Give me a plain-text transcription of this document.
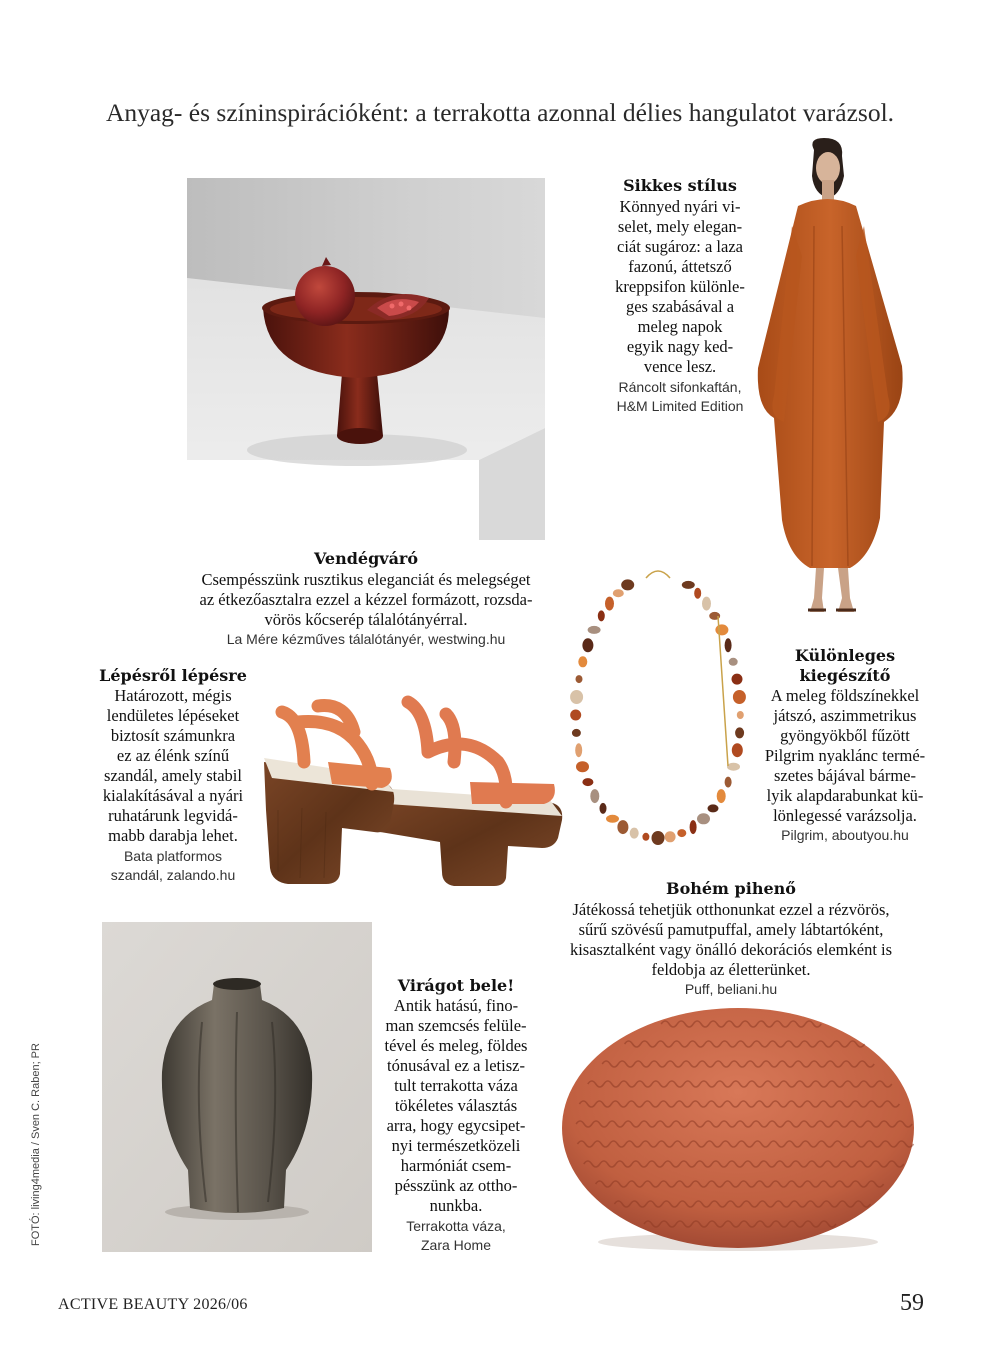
Anyag- és színinspirációként: a terrakotta azonnal délies hangulatot varázsol.
Sikkes stílus
Könnyed nyári vi-
selet, mely elegan-
ciát sugároz: a laza
fazonú, áttetsző
kreppsifon különle-
ges szabásával a
meleg napok
egyik nagy ked-
vence lesz.
Ráncolt sifonkaftán,
H&M Limited Edition
Vendégváró
Csempésszünk rusztikus eleganciát és melegséget
az étkezőasztalra ezzel a kézzel formázott, rozsda-
vörös kőcserép tálalótányérral.
La Mére kézműves tálalótányér, westwing.hu
Lépésről lépésre
Határozott, mégis
lendületes lépéseket
biztosít számunkra
ez az élénk színű
szandál, amely stabil
kialakításával a nyári
ruhatárunk legvidá-
mabb darabja lehet.
Bata platformos
szandál, zalando.hu
Különleges
kiegészítő
A meleg földszínekkel
játszó, aszimmetrikus
gyöngyökből fűzött
Pilgrim nyaklánc termé-
szetes bájával bárme-
lyik alapdarabunkat kü-
lönlegessé varázsolja.
Pilgrim, aboutyou.hu
Bohém pihenő
Játékossá tehetjük otthonunkat ezzel a rézvörös,
sűrű szövésű pamutpuffal, amely lábtartóként,
kisasztalként vagy önálló dekorációs elemként is
feldobja az életterünket.
Puff, beliani.hu
Virágot bele!
Antik hatású, fino-
man szemcsés felüle-
tével és meleg, földes
tónusával ez a letisz-
tult terrakotta váza
tökéletes választás
arra, hogy egycsipet-
nyi természetközeli
harmóniát csem-
pésszünk az ottho-
nunkba.
Terrakotta váza,
Zara Home
FOTÓ: living4media / Sven C. Raben; PR
ACTIVE BEAUTY 2026/06	59
